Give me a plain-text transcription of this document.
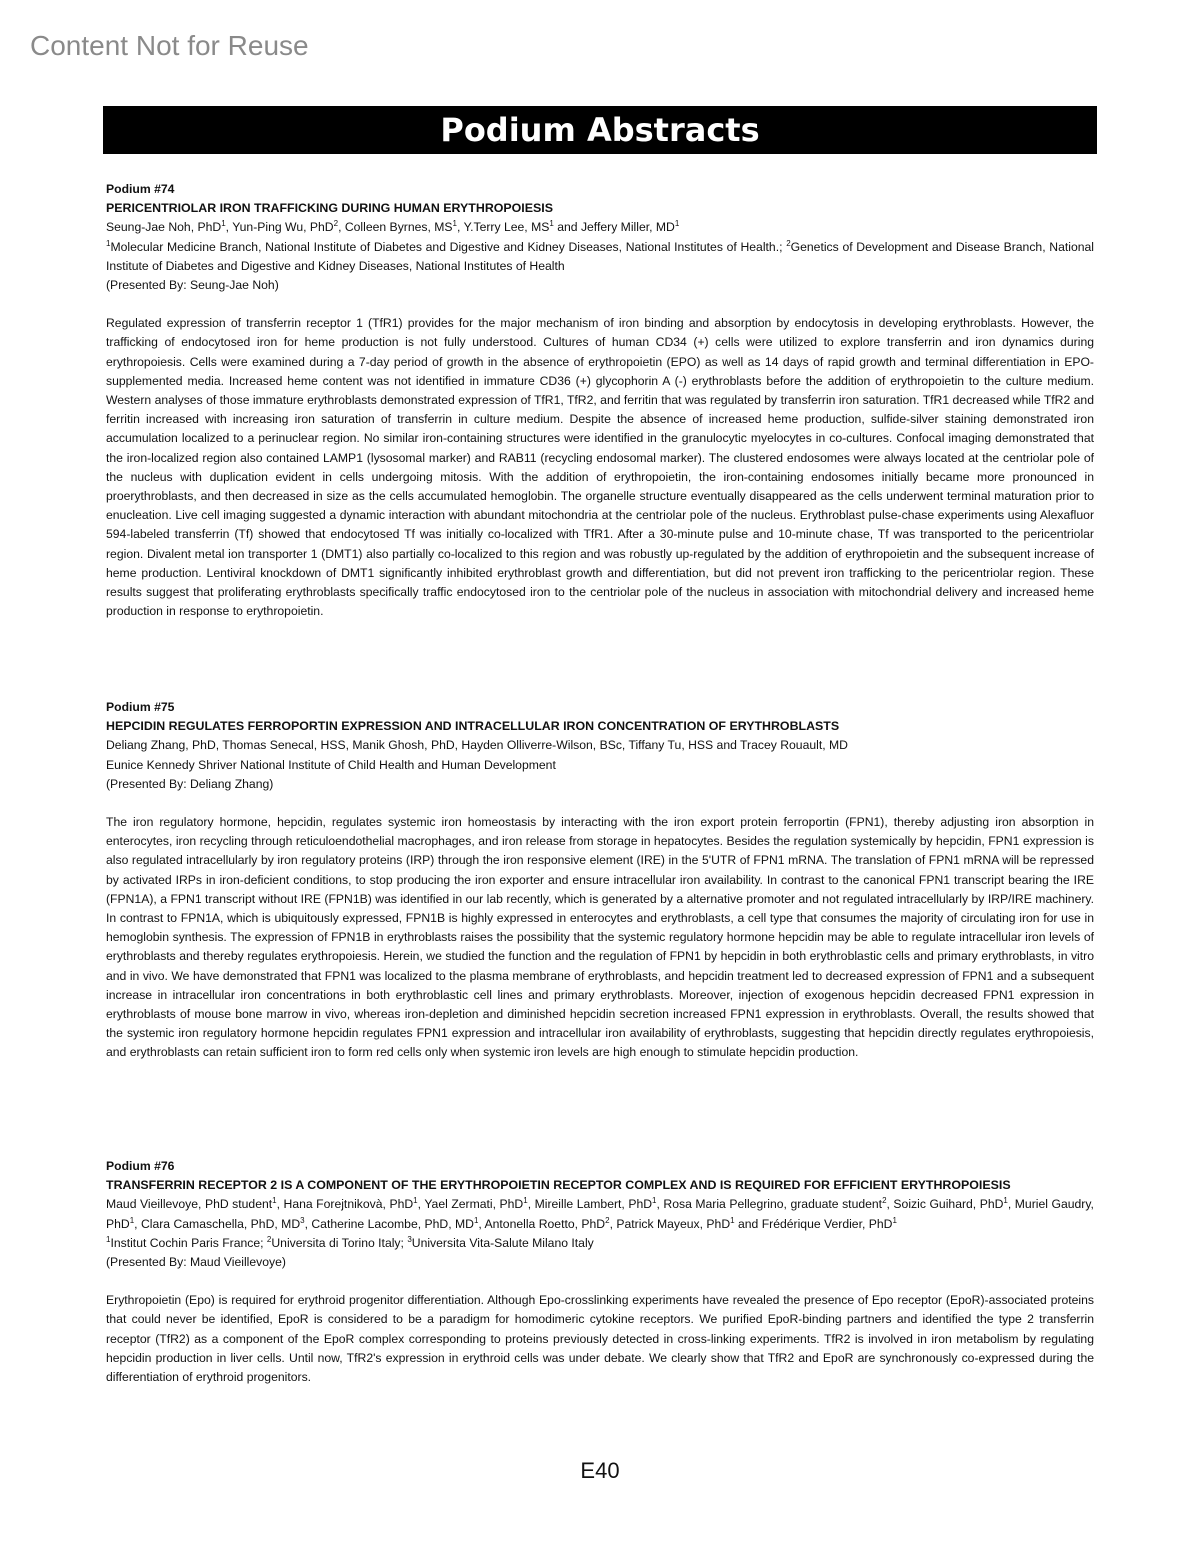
Content Not for Reuse
Podium Abstracts

Podium #74

PERICENTRIOLAR IRON TRAFFICKING DURING HUMAN ERYTHROPOIESIS

Seung-Jae Noh, PhD$^1$, Yun-Ping Wu, PhD$^2$, Colleen Byrnes, $MS^1$, Y.Terry Lee, $MS^1$ and Jeffery Miller, $MD^1$

$^1$Molecular Medicine Branch, National Institute of Diabetes and Digestive and Kidney Diseases, National Institutes of Health.; $^2$Genetics of Development and Disease Branch, National Institute of Diabetes and Digestive and Kidney Diseases, National Institutes of Health

(Presented By: Seung-Jae Noh)

Regulated expression of transferrin receptor 1 (TfR1) provides for the major mechanism of iron binding and absorption by endocytosis in developing erythroblasts. However, the trafficking of endocytosed iron for heme production is not fully understood. Cultures of human CD34 (+) cells were utilized to explore transferrin and iron dynamics during erythropoiesis. Cells were examined during a 7-day period of growth in the absence of erythropoietin (EPO) as well as 14 days of rapid growth and terminal differentiation in EPO-supplemented media. Increased heme content was not identified in immature CD36 (+) glycophorin A (-) erythroblasts before the addition of erythropoietin to the culture medium. Western analyses of those immature erythroblasts demonstrated expression of TfR1, TfR2, and ferritin that was regulated by transferrin iron saturation. TfR1 decreased while TfR2 and ferritin increased with increasing iron saturation of transferrin in culture medium. Despite the absence of increased heme production, sulfide-silver staining demonstrated iron accumulation localized to a perinuclear region. No similar iron-containing structures were identified in the granulocytic myelocytes in co-cultures. Confocal imaging demonstrated that the iron-localized region also contained LAMP1 (lysosomal marker) and RAB11 (recycling endosomal marker). The clustered endosomes were always located at the centriolar pole of the nucleus with duplication evident in cells undergoing mitosis. With the addition of erythropoietin, the iron-containing endosomes initially became more pronounced in proerythroblasts, and then decreased in size as the cells accumulated hemoglobin. The organelle structure eventually disappeared as the cells underwent terminal maturation prior to enucleation. Live cell imaging suggested a dynamic interaction with abundant mitochondria at the centriolar pole of the nucleus. Erythroblast pulse-chase experiments using Alexafluor 594-labeled transferrin (Tf) showed that endocytosed Tf was initially co-localized with TfR1. After a 30-minute pulse and 10-minute chase, Tf was transported to the pericentriolar region. Divalent metal ion transporter 1 (DMT1) also partially co-localized to this region and was robustly up-regulated by the addition of erythropoietin and the subsequent increase of heme production. Lentiviral knockdown of DMT1 significantly inhibited erythroblast growth and differentiation, but did not prevent iron trafficking to the pericentriolar region. These results suggest that proliferating erythroblasts specifically traffic endocytosed iron to the centriolar pole of the nucleus in association with mitochondrial delivery and increased heme production in response to erythropoietin.

Podium #75

HEPCIDIN REGULATES FERROPORTIN EXPRESSION AND INTRACELLULAR IRON CONCENTRATION OF ERYTHROBLASTS

Deliang Zhang, PhD, Thomas Senecal, HSS, Manik Ghosh, PhD, Hayden Olliverre-Wilson, BSc, Tiffany Tu, HSS and Tracey Rouault, MD

Eunice Kennedy Shriver National Institute of Child Health and Human Development

(Presented By: Deliang Zhang)

The iron regulatory hormone, hepcidin, regulates systemic iron homeostasis by interacting with the iron export protein ferroportin (FPN1), thereby adjusting iron absorption in enterocytes, iron recycling through reticuloendothelial macrophages, and iron release from storage in hepatocytes. Besides the regulation systemically by hepcidin, FPN1 expression is also regulated intracellularly by iron regulatory proteins (IRP) through the iron responsive element (IRE) in the 5'UTR of FPN1 mRNA. The translation of FPN1 mRNA will be repressed by activated IRPs in iron-deficient conditions, to stop producing the iron exporter and ensure intracellular iron availability. In contrast to the canonical FPN1 transcript bearing the IRE (FPN1A), a FPN1 transcript without IRE (FPN1B) was identified in our lab recently, which is generated by a alternative promoter and not regulated intracellularly by IRP/IRE machinery. In contrast to FPN1A, which is ubiquitously expressed, FPN1B is highly expressed in enterocytes and erythroblasts, a cell type that consumes the majority of circulating iron for use in hemoglobin synthesis. The expression of FPN1B in erythroblasts raises the possibility that the systemic regulatory hormone hepcidin may be able to regulate intracellular iron levels of erythroblasts and thereby regulates erythropoiesis. Herein, we studied the function and the regulation of FPN1 by hepcidin in both erythroblastic cells and primary erythroblasts, in vitro and in vivo. We have demonstrated that FPN1 was localized to the plasma membrane of erythroblasts, and hepcidin treatment led to decreased expression of FPN1 and a subsequent increase in intracellular iron concentrations in both erythroblastic cell lines and primary erythroblasts. Moreover, injection of exogenous hepcidin decreased FPN1 expression in erythroblasts of mouse bone marrow in vivo, whereas iron-depletion and diminished hepcidin secretion increased FPN1 expression in erythroblasts. Overall, the results showed that the systemic iron regulatory hormone hepcidin regulates FPN1 expression and intracellular iron availability of erythroblasts, suggesting that hepcidin directly regulates erythropoiesis, and erythroblasts can retain sufficient iron to form red cells only when systemic iron levels are high enough to stimulate hepcidin production.

Podium #76

TRANSFERRIN RECEPTOR 2 IS A COMPONENT OF THE ERYTHROPOIETIN RECEPTOR COMPLEX AND IS REQUIRED FOR EFFICIENT ERYTHROPOIESIS

Maud Vieillevoye, PhD student$^1$, Hana Forejtnikovà, PhD$^1$, Yael Zermati, PhD$^1$, Mireille Lambert, PhD$^1$, Rosa Maria Pellegrino, graduate student$^2$, Soizic Guihard, PhD$^1$, Muriel Gaudry, PhD$^1$, Clara Camaschella, PhD, $MD^3$, Catherine Lacombe, PhD, $MD^1$, Antonella Roetto, PhD$^2$, Patrick Mayeux, PhD$^1$ and Frédérique Verdier, PhD$^1$

$^1$Institut Cochin Paris France; $^2$Universita di Torino Italy; $^3$Universita Vita-Salute Milano Italy

(Presented By: Maud Vieillevoye)

Erythropoietin (Epo) is required for erythroid progenitor differentiation. Although Epo-crosslinking experiments have revealed the presence of Epo receptor (EpoR)-associated proteins that could never be identified, EpoR is considered to be a paradigm for homodimeric cytokine receptors. We purified EpoR-binding partners and identified the type 2 transferrin receptor (TfR2) as a component of the EpoR complex corresponding to proteins previously detected in cross-linking experiments. TfR2 is involved in iron metabolism by regulating hepcidin production in liver cells. Until now, TfR2's expression in erythroid cells was under debate. We clearly show that TfR2 and EpoR are synchronously co-expressed during the differentiation of erythroid progenitors.

E40
